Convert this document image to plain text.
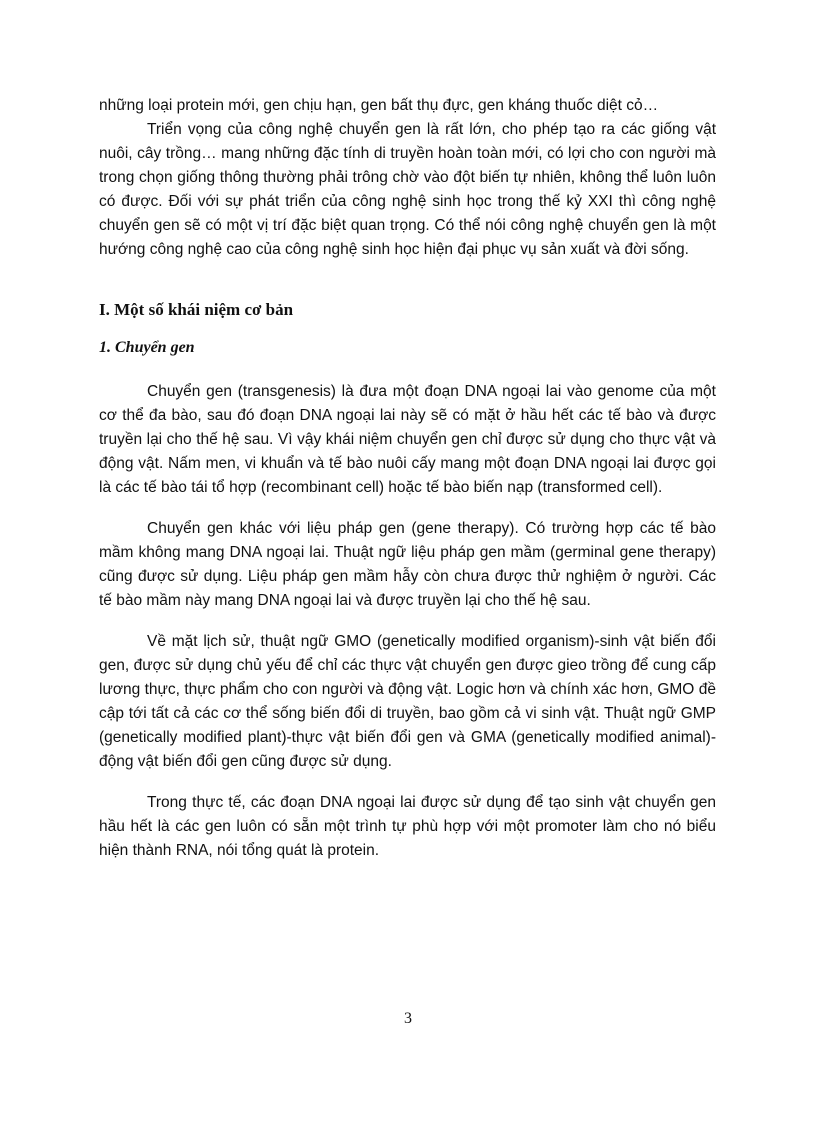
những loại protein mới, gen chịu hạn, gen bất thụ đực, gen kháng thuốc diệt cỏ…

Triển vọng của công nghệ chuyển gen là rất lớn, cho phép tạo ra các giống vật nuôi, cây trồng… mang những đặc tính di truyền hoàn toàn mới, có lợi cho con người mà trong chọn giống thông thường phải trông chờ vào đột biến tự nhiên, không thể luôn luôn có được. Đối với sự phát triển của công nghệ sinh học trong thế kỷ XXI thì công nghệ chuyển gen sẽ có một vị trí đặc biệt quan trọng. Có thể nói công nghệ chuyển gen là một hướng công nghệ cao của công nghệ sinh học hiện đại phục vụ sản xuất và đời sống.

I. Một số khái niệm cơ bản
1. Chuyển gen

Chuyển gen (transgenesis) là đưa một đoạn DNA ngoại lai vào genome của một cơ thể đa bào, sau đó đoạn DNA ngoại lai này sẽ có mặt ở hầu hết các tế bào và được truyền lại cho thế hệ sau. Vì vậy khái niệm chuyển gen chỉ được sử dụng cho thực vật và động vật. Nấm men, vi khuẩn và tế bào nuôi cấy mang một đoạn DNA ngoại lai được gọi là các tế bào tái tổ hợp (recombinant cell) hoặc tế bào biến nạp (transformed cell).

Chuyển gen khác với liệu pháp gen (gene therapy). Có trường hợp các tế bào mầm không mang DNA ngoại lai. Thuật ngữ liệu pháp gen mầm (germinal gene therapy) cũng được sử dụng. Liệu pháp gen mầm hẫy còn chưa được thử nghiệm ở người. Các tế bào mầm này mang DNA ngoại lai và được truyền lại cho thế hệ sau.

Về mặt lịch sử, thuật ngữ GMO (genetically modified organism)-sinh vật biến đổi gen, được sử dụng chủ yếu để chỉ các thực vật chuyển gen được gieo trồng để cung cấp lương thực, thực phẩm cho con người và động vật. Logic hơn và chính xác hơn, GMO đề cập tới tất cả các cơ thể sống biến đổi di truyền, bao gồm cả vi sinh vật. Thuật ngữ GMP (genetically modified plant)-thực vật biến đổi gen và GMA (genetically modified animal)- động vật biến đổi gen cũng được sử dụng.

Trong thực tế, các đoạn DNA ngoại lai được sử dụng để tạo sinh vật chuyển gen hầu hết là các gen luôn có sẵn một trình tự phù hợp với một promoter làm cho nó biểu hiện thành RNA, nói tổng quát là protein.

3
